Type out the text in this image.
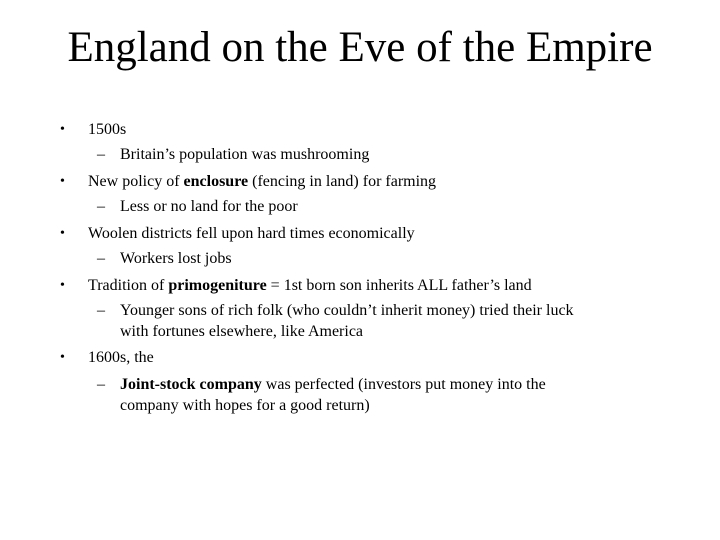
England on the Eve of the Empire
• 1500s
– Britain’s population was mushrooming
• New policy of enclosure (fencing in land) for farming
– Less or no land for the poor
• Woolen districts fell upon hard times economically
– Workers lost jobs
• Tradition of primogeniture = 1st born son inherits ALL father’s land
– Younger sons of rich folk (who couldn’t inherit money) tried their luck
with fortunes elsewhere, like America
• 1600s, the
– Joint-stock company was perfected (investors put money into the
company with hopes for a good return)
